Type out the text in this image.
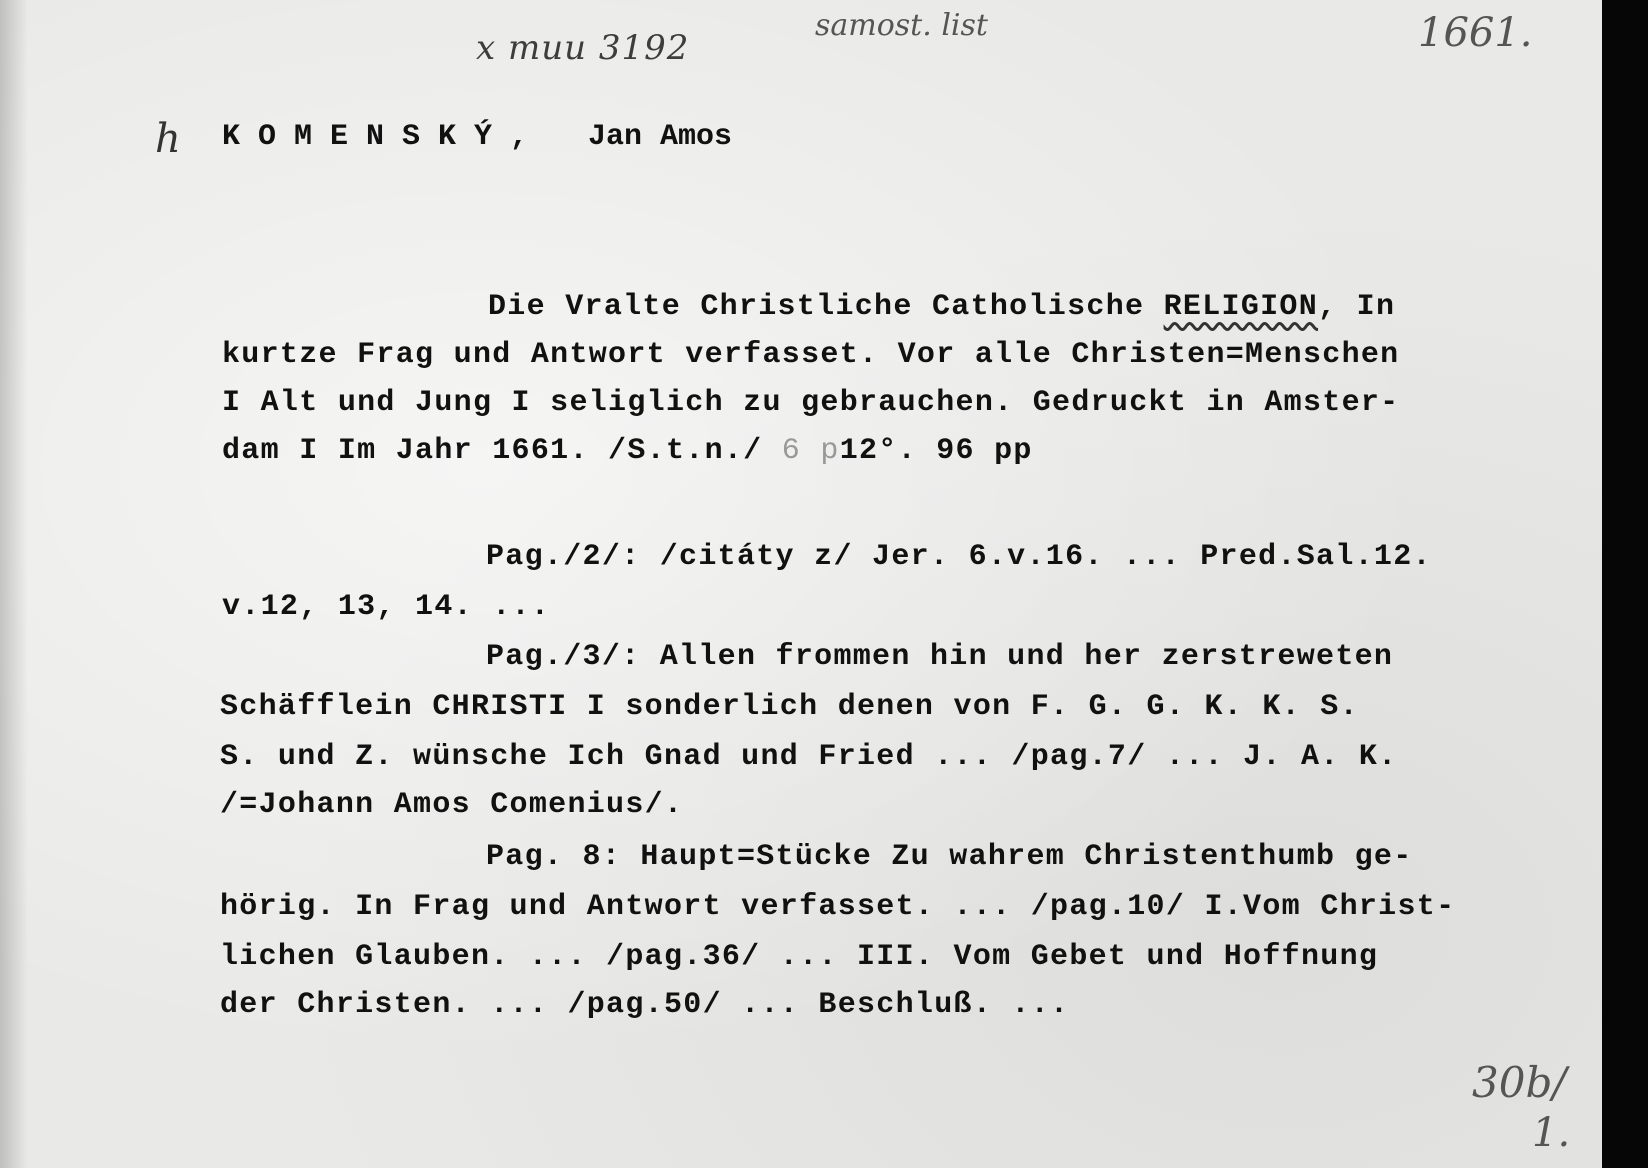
x muu 3192
samost. list	1661.
h
30b/
1.
KOMENSKÝ, Jan Amos
Die Vralte Christliche Catholische RELIGION, In
kurtze Frag und Antwort verfasset. Vor alle Christen=Menschen
I Alt und Jung I seliglich zu gebrauchen. Gedruckt in Amster-
dam I Im Jahr 1661. /S.t.n./ 6 p12°. 96 pp
Pag./2/: /citáty z/ Jer. 6.v.16. ... Pred.Sal.12.
v.12, 13, 14. ...
Pag./3/: Allen frommen hin und her zerstreweten
Schäfflein CHRISTI I sonderlich denen von F. G. G. K. K. S.
S. und Z. wünsche Ich Gnad und Fried ... /pag.7/ ... J. A. K.
/=Johann Amos Comenius/.
Pag. 8: Haupt=Stücke Zu wahrem Christenthumb ge-
hörig. In Frag und Antwort verfasset. ... /pag.10/ I.Vom Christ-
lichen Glauben. ... /pag.36/ ... III. Vom Gebet und Hoffnung
der Christen. ... /pag.50/ ... Beschluß. ...
